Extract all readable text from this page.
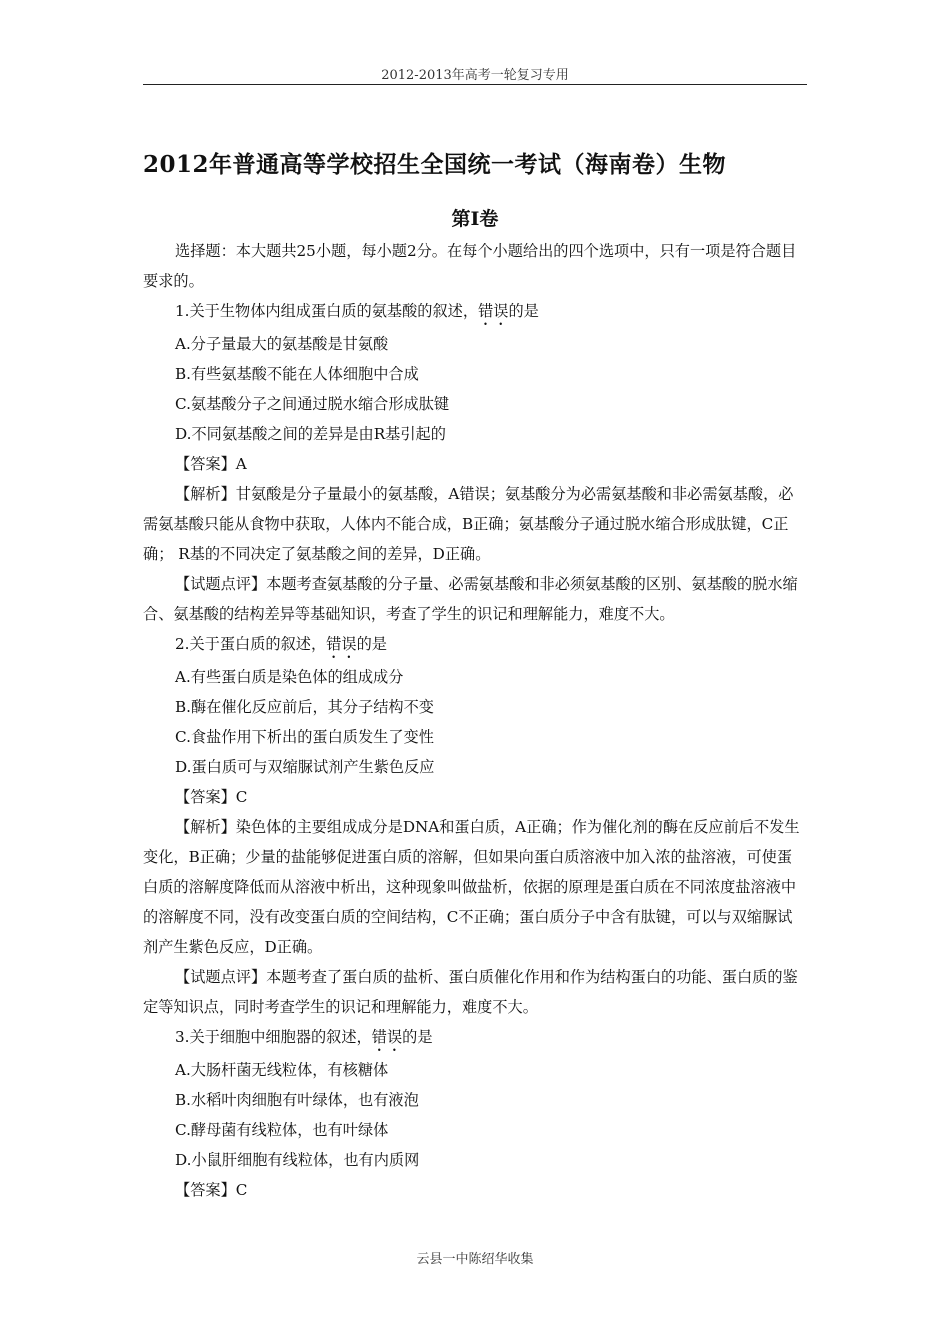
2012-2013年高考一轮复习专用
2012年普通高等学校招生全国统一考试（海南卷）生物
第I卷

选择题：本大题共25小题，每小题2分。在每个小题给出的四个选项中，只有一项是符合题目要求的。

1.关于生物体内组成蛋白质的氨基酸的叙述，错误的是

A.分子量最大的氨基酸是甘氨酸

B.有些氨基酸不能在人体细胞中合成

C.氨基酸分子之间通过脱水缩合形成肽键

D.不同氨基酸之间的差异是由R基引起的

【答案】A

【解析】甘氨酸是分子量最小的氨基酸，A错误；氨基酸分为必需氨基酸和非必需氨基酸，必需氨基酸只能从食物中获取，人体内不能合成，B正确；氨基酸分子通过脱水缩合形成肽键，C正确； R基的不同决定了氨基酸之间的差异，D正确。

【试题点评】本题考查氨基酸的分子量、必需氨基酸和非必须氨基酸的区别、氨基酸的脱水缩合、氨基酸的结构差异等基础知识，考查了学生的识记和理解能力，难度不大。

2.关于蛋白质的叙述，错误的是

A.有些蛋白质是染色体的组成成分

B.酶在催化反应前后，其分子结构不变

C.食盐作用下析出的蛋白质发生了变性

D.蛋白质可与双缩脲试剂产生紫色反应

【答案】C

【解析】染色体的主要组成成分是DNA和蛋白质，A正确；作为催化剂的酶在反应前后不发生变化，B正确；少量的盐能够促进蛋白质的溶解，但如果向蛋白质溶液中加入浓的盐溶液，可使蛋白质的溶解度降低而从溶液中析出，这种现象叫做盐析，依据的原理是蛋白质在不同浓度盐溶液中的溶解度不同，没有改变蛋白质的空间结构，C不正确；蛋白质分子中含有肽键，可以与双缩脲试剂产生紫色反应，D正确。

【试题点评】本题考查了蛋白质的盐析、蛋白质催化作用和作为结构蛋白的功能、蛋白质的鉴定等知识点，同时考查学生的识记和理解能力，难度不大。

3.关于细胞中细胞器的叙述，错误的是

A.大肠杆菌无线粒体，有核糖体

B.水稻叶肉细胞有叶绿体，也有液泡

C.酵母菌有线粒体，也有叶绿体

D.小鼠肝细胞有线粒体，也有内质网

【答案】C

云县一中陈绍华收集
